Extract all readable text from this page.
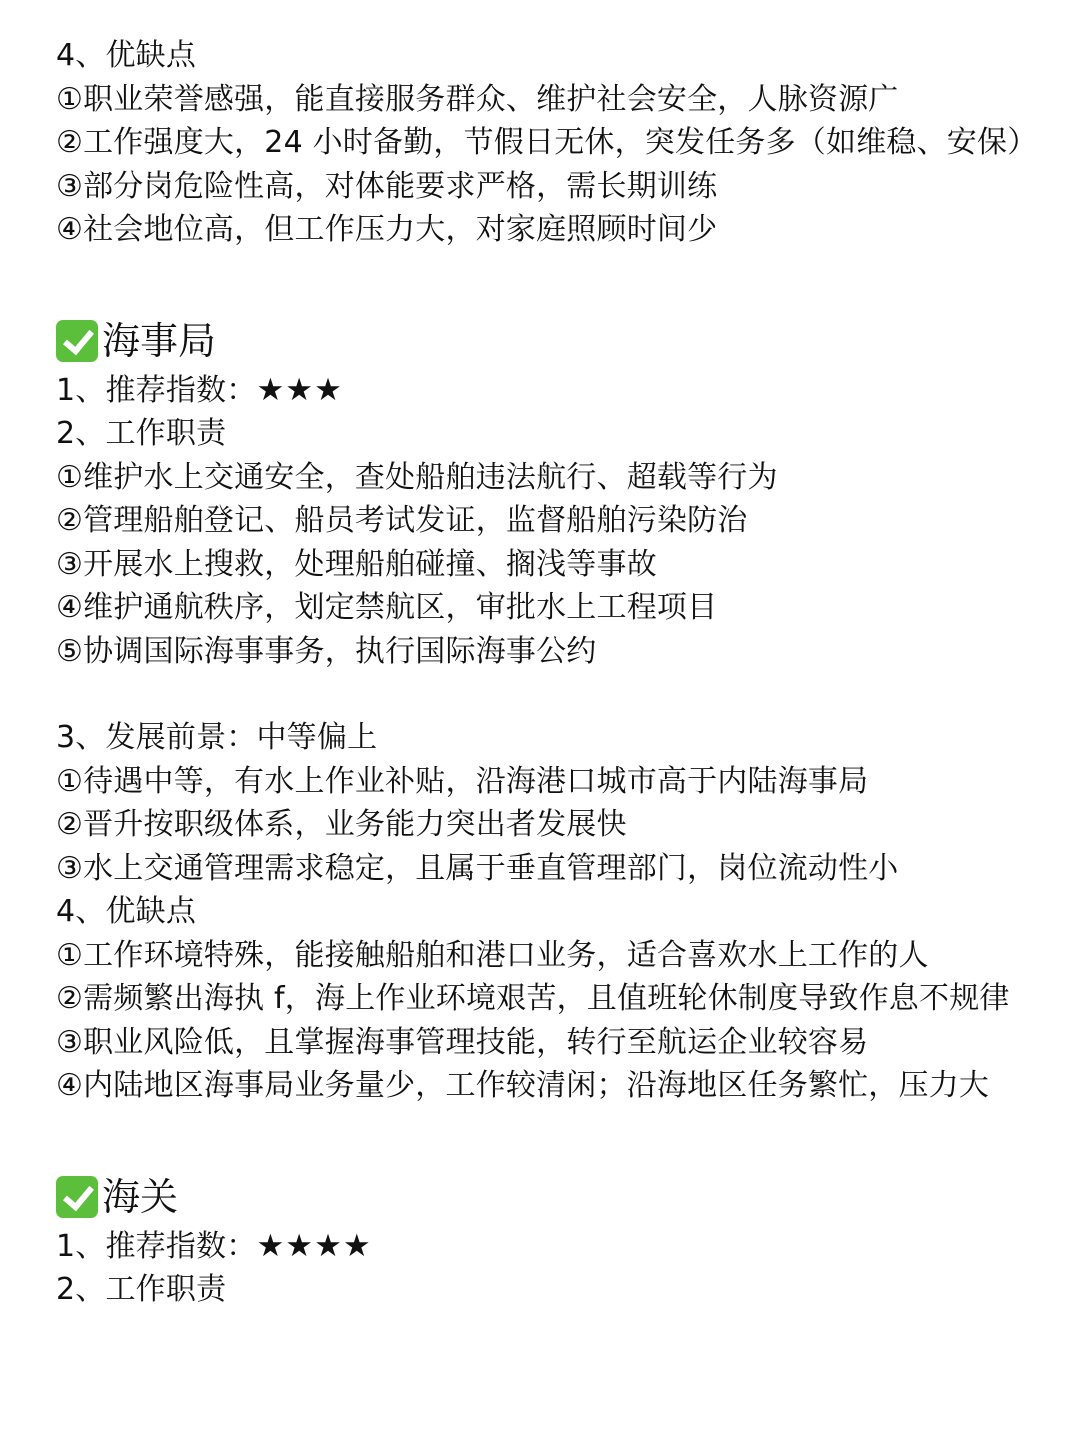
4、优缺点
①职业荣誉感强，能直接服务群众、维护社会安全，人脉资源广
②工作强度大，24 小时备勤，节假日无休，突发任务多（如维稳、安保）
③部分岗危险性高，对体能要求严格，需长期训练
④社会地位高，但工作压力大，对家庭照顾时间少
海事局
1、推荐指数：★★★
2、工作职责
①维护水上交通安全，查处船舶违法航行、超载等行为
②管理船舶登记、船员考试发证，监督船舶污染防治
③开展水上搜救，处理船舶碰撞、搁浅等事故
④维护通航秩序，划定禁航区，审批水上工程项目
⑤协调国际海事事务，执行国际海事公约
3、发展前景：中等偏上
①待遇中等，有水上作业补贴，沿海港口城市高于内陆海事局
②晋升按职级体系，业务能力突出者发展快
③水上交通管理需求稳定，且属于垂直管理部门，岗位流动性小
4、优缺点
①工作环境特殊，能接触船舶和港口业务，适合喜欢水上工作的人
②需频繁出海执 f，海上作业环境艰苦，且值班轮休制度导致作息不规律
③职业风险低，且掌握海事管理技能，转行至航运企业较容易
④内陆地区海事局业务量少，工作较清闲；沿海地区任务繁忙，压力大
海关
1、推荐指数：★★★★
2、工作职责
